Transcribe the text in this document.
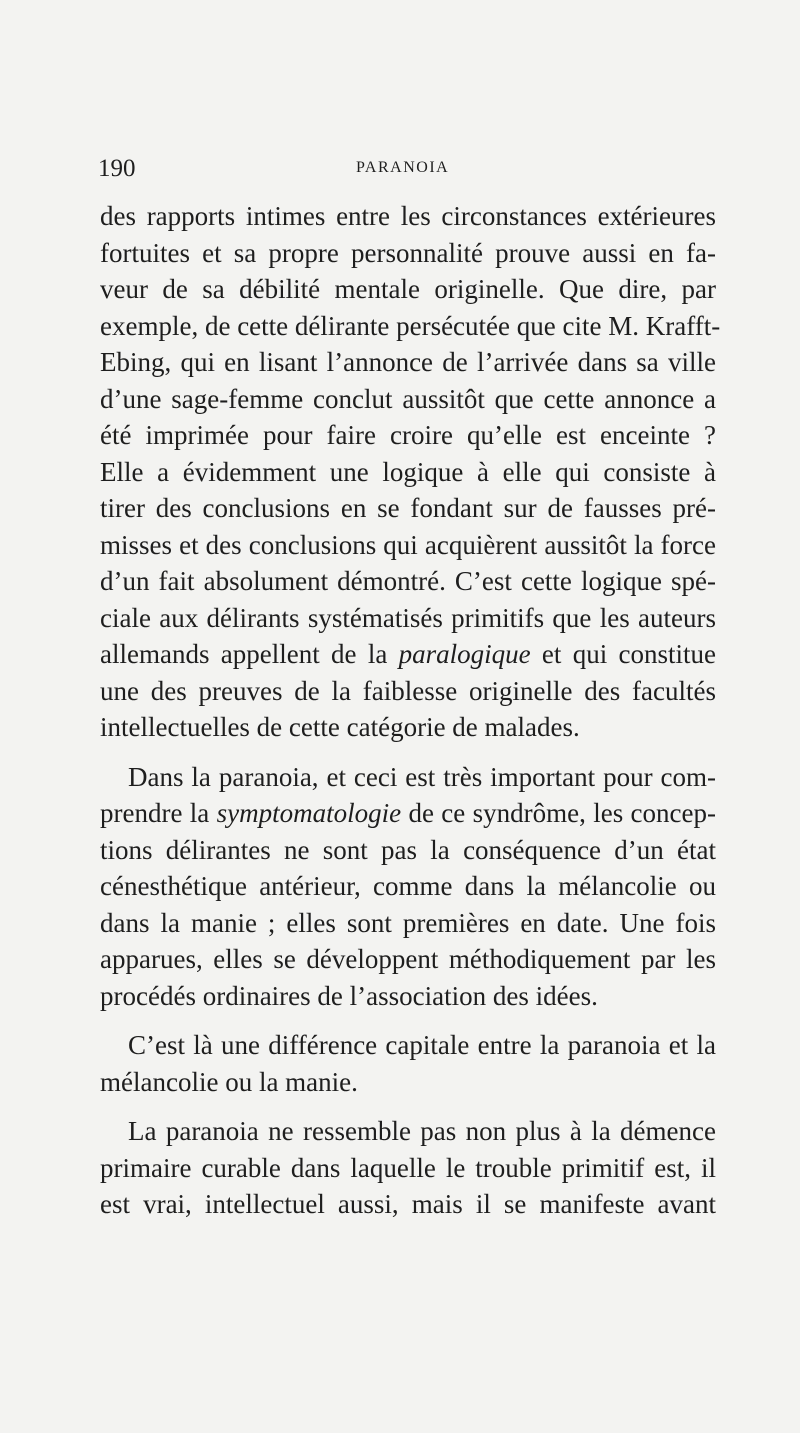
190	PARANOIA

des rapports intimes entre les circonstances extérieures
fortuites et sa propre personnalité prouve aussi en fa-
veur de sa débilité mentale originelle. Que dire, par
exemple, de cette délirante persécutée que cite M. Krafft-
Ebing, qui en lisant l’annonce de l’arrivée dans sa ville
d’une sage-femme conclut aussitôt que cette annonce a
été imprimée pour faire croire qu’elle est enceinte ?
Elle a évidemment une logique à elle qui consiste à
tirer des conclusions en se fondant sur de fausses pré-
misses et des conclusions qui acquièrent aussitôt la force
d’un fait absolument démontré. C’est cette logique spé-
ciale aux délirants systématisés primitifs que les auteurs
allemands appellent de la paralogique et qui constitue
une des preuves de la faiblesse originelle des facultés
intellectuelles de cette catégorie de malades.

Dans la paranoia, et ceci est très important pour com-
prendre la symptomatologie de ce syndrôme, les concep-
tions délirantes ne sont pas la conséquence d’un état
cénesthétique antérieur, comme dans la mélancolie ou
dans la manie ; elles sont premières en date. Une fois
apparues, elles se développent méthodiquement par les
procédés ordinaires de l’association des idées.

C’est là une différence capitale entre la paranoia et la
mélancolie ou la manie.

La paranoia ne ressemble pas non plus à la démence
primaire curable dans laquelle le trouble primitif est, il
est vrai, intellectuel aussi, mais il se manifeste avant
